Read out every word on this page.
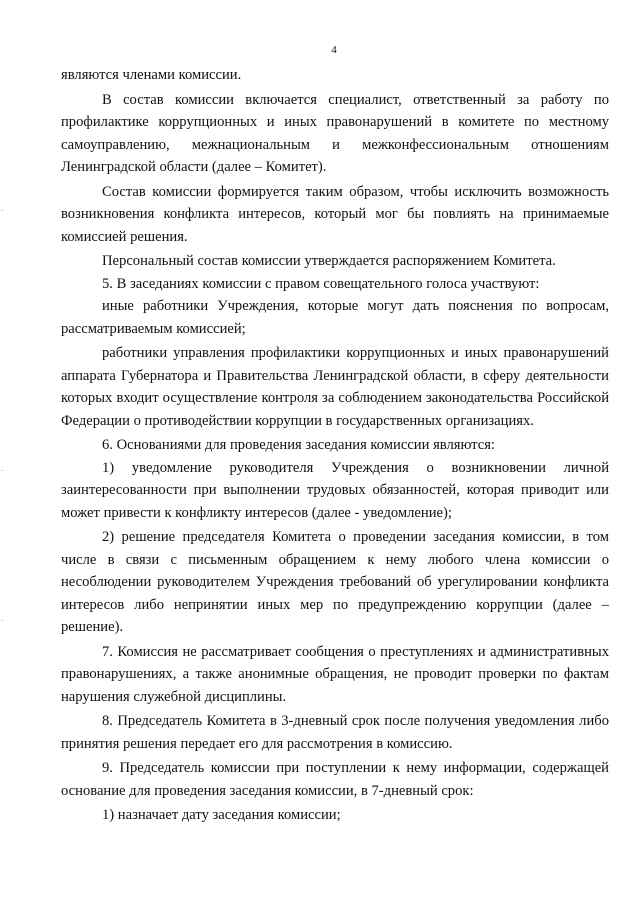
4

являются членами комиссии.

В состав комиссии включается специалист, ответственный за работу по профилактике коррупционных и иных правонарушений в комитете по местному самоуправлению, межнациональным и межконфессиональным отношениям Ленинградской области (далее – Комитет).

Состав комиссии формируется таким образом, чтобы исключить возможность возникновения конфликта интересов, который мог бы повлиять на принимаемые комиссией решения.

Персональный состав комиссии утверждается распоряжением Комитета.

5. В заседаниях комиссии с правом совещательного голоса участвуют:

иные работники Учреждения, которые могут дать пояснения по вопросам, рассматриваемым комиссией;

работники управления профилактики коррупционных и иных правонарушений аппарата Губернатора и Правительства Ленинградской области, в сферу деятельности которых входит осуществление контроля за соблюдением законодательства Российской Федерации о противодействии коррупции в государственных организациях.

6. Основаниями для проведения заседания комиссии являются:

1) уведомление руководителя Учреждения о возникновении личной заинтересованности при выполнении трудовых обязанностей, которая приводит или может привести к конфликту интересов (далее - уведомление);

2) решение председателя Комитета о проведении заседания комиссии, в том числе в связи с письменным обращением к нему любого члена комиссии о несоблюдении руководителем Учреждения требований об урегулировании конфликта интересов либо непринятии иных мер по предупреждению коррупции (далее – решение).

7. Комиссия не рассматривает сообщения о преступлениях и административных правонарушениях, а также анонимные обращения, не проводит проверки по фактам нарушения служебной дисциплины.

8. Председатель Комитета в 3-дневный срок после получения уведомления либо принятия решения передает его для рассмотрения в комиссию.

9. Председатель комиссии при поступлении к нему информации, содержащей основание для проведения заседания комиссии, в 7-дневный срок:

1) назначает дату заседания комиссии;
